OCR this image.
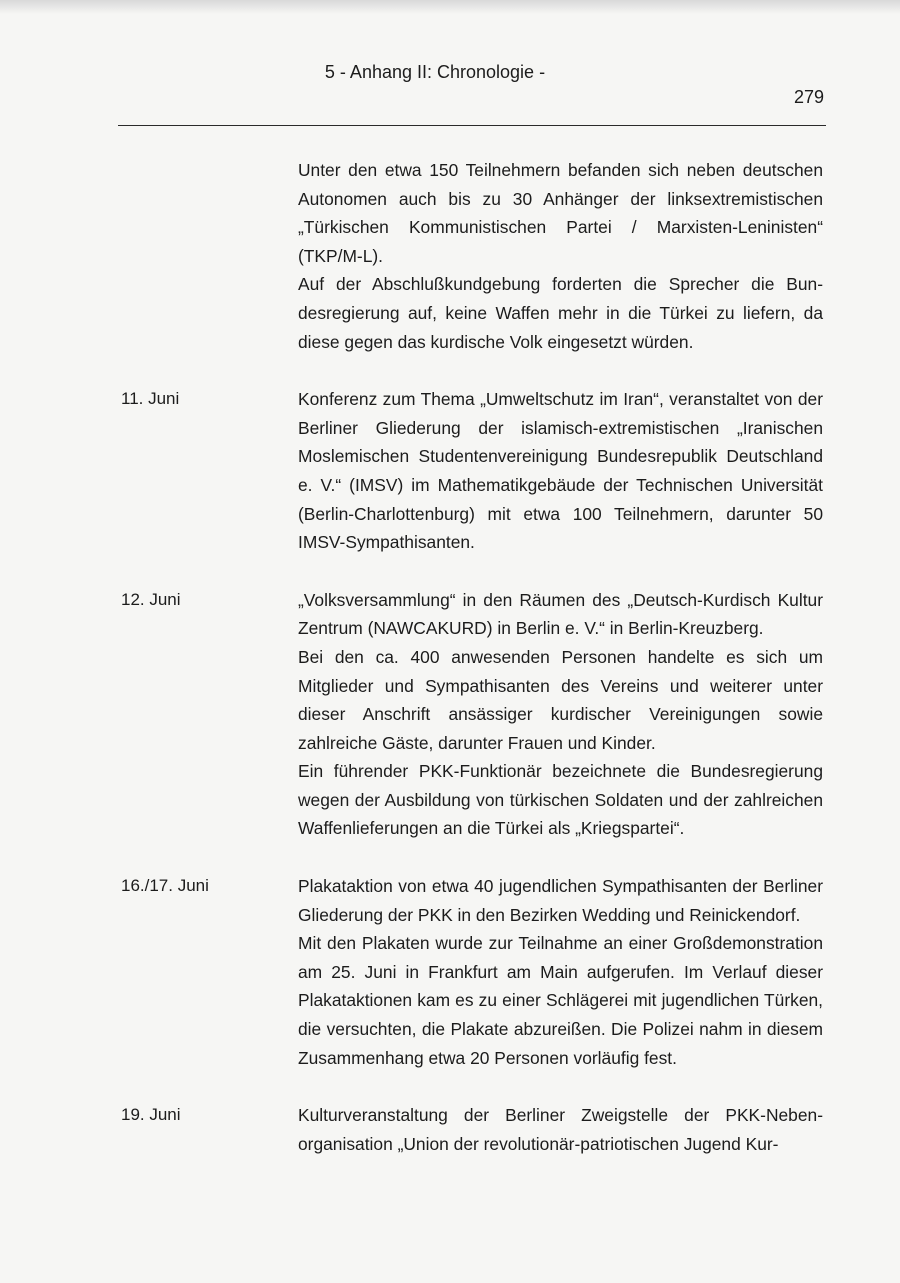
5 - Anhang II: Chronologie -
279

Unter den etwa 150 Teilnehmern befanden sich neben deutschen Autonomen auch bis zu 30 Anhänger der linksextremistischen „Türkischen Kommunistischen Partei / Marxisten-Leninisten“ (TKP/M-L).

Auf der Abschlußkundgebung forderten die Sprecher die Bundesregierung auf, keine Waffen mehr in die Türkei zu liefern, da diese gegen das kurdische Volk eingesetzt würden.

11. Juni	Konferenz zum Thema „Umweltschutz im Iran“, veranstaltet von der Berliner Gliederung der islamisch-extremistischen „Iranischen Moslemischen Studentenvereinigung Bundesrepublik Deutschland e. V.“ (IMSV) im Mathematikgebäude der Technischen Universität (Berlin-Charlottenburg) mit etwa 100 Teilnehmern, darunter 50 IMSV-Sympathisanten.

12. Juni	„Volksversammlung“ in den Räumen des „Deutsch-Kurdisch Kultur Zentrum (NAWCAKURD) in Berlin e. V.“ in Berlin-Kreuzberg.

Bei den ca. 400 anwesenden Personen handelte es sich um Mitglieder und Sympathisanten des Vereins und weiterer unter dieser Anschrift ansässiger kurdischer Vereinigungen sowie zahlreiche Gäste, darunter Frauen und Kinder.

Ein führender PKK-Funktionär bezeichnete die Bundesregierung wegen der Ausbildung von türkischen Soldaten und der zahlreichen Waffenlieferungen an die Türkei als „Kriegspartei“.

16./17. Juni	Plakataktion von etwa 40 jugendlichen Sympathisanten der Berliner Gliederung der PKK in den Bezirken Wedding und Reinickendorf.

Mit den Plakaten wurde zur Teilnahme an einer Großdemonstration am 25. Juni in Frankfurt am Main aufgerufen. Im Verlauf dieser Plakataktionen kam es zu einer Schlägerei mit jugendlichen Türken, die versuchten, die Plakate abzureißen. Die Polizei nahm in diesem Zusammenhang etwa 20 Personen vorläufig fest.

19. Juni	Kulturveranstaltung der Berliner Zweigstelle der PKK-Nebenorganisation „Union der revolutionär-patriotischen Jugend Kur-
